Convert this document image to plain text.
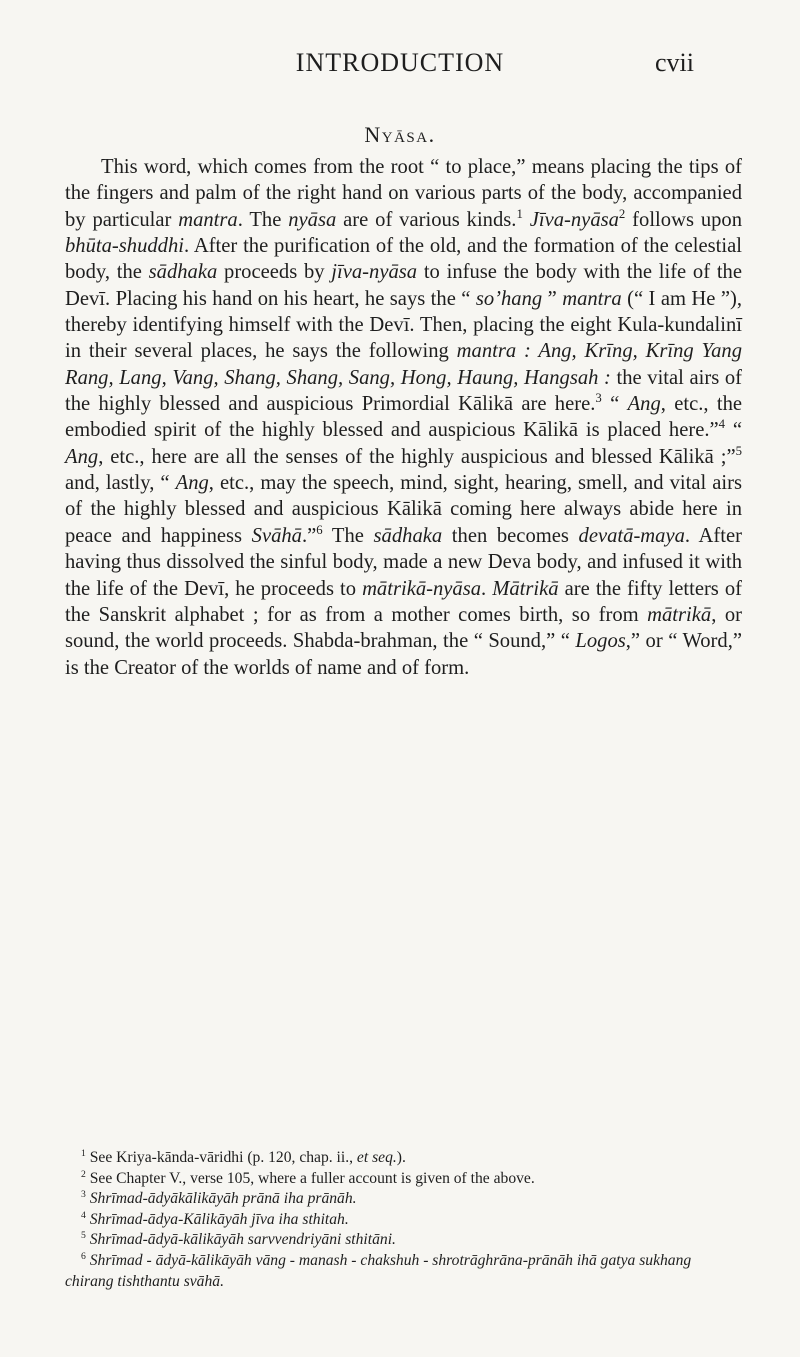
INTRODUCTION	cvii
Nyāsa.

This word, which comes from the root “ to place,” means placing the tips of the fingers and palm of the right hand on various parts of the body, accompanied by particular mantra. The nyāsa are of various kinds.$^1$ Jīva-nyāsa$^2$ follows upon bhūta-shuddhi. After the purification of the old, and the formation of the celestial body, the sādhaka proceeds by jīva-nyāsa to infuse the body with the life of the Devī. Placing his hand on his heart, he says the “ so’hang ” mantra (“ I am He ”), thereby identifying himself with the Devī. Then, placing the eight Kula-kundalinī in their several places, he says the following mantra : Ang, Krīng, Krīng Yang Rang, Lang, Vang, Shang, Shang, Sang, Hong, Haung, Hangsah : the vital airs of the highly blessed and auspicious Primordial Kālikā are here.$^3$ “ Ang, etc., the embodied spirit of the highly blessed and auspicious Kālikā is placed here.”$^4$ “ Ang, etc., here are all the senses of the highly auspicious and blessed Kālikā ;”$^5$ and, lastly, “ Ang, etc., may the speech, mind, sight, hearing, smell, and vital airs of the highly blessed and auspicious Kālikā coming here always abide here in peace and happiness Svāhā.”$^6$ The sādhaka then becomes devatā-maya. After having thus dissolved the sinful body, made a new Deva body, and infused it with the life of the Devī, he proceeds to mātrikā-nyāsa. Mātrikā are the fifty letters of the Sanskrit alphabet ; for as from a mother comes birth, so from mātrikā, or sound, the world proceeds. Shabda-brahman, the “ Sound,” “ Logos,” or “ Word,” is the Creator of the worlds of name and of form.

$^1$ See Kriya-kānda-vāridhi (p. 120, chap. ii., et seq.).

$^2$ See Chapter V., verse 105, where a fuller account is given of the above.

$^3$ Shrīmad-ādyākālikāyāh prānā iha prānāh.

$^4$ Shrīmad-ādya-Kālikāyāh jīva iha sthitah.

$^5$ Shrīmad-ādyā-kālikāyāh sarvvendriyāni sthitāni.

$^6$ Shrīmad - ādyā-kālikāyāh vāng - manash - chakshuh - shrotrāghrāna-prānāh ihā gatya sukhang chirang tishthantu svāhā.
